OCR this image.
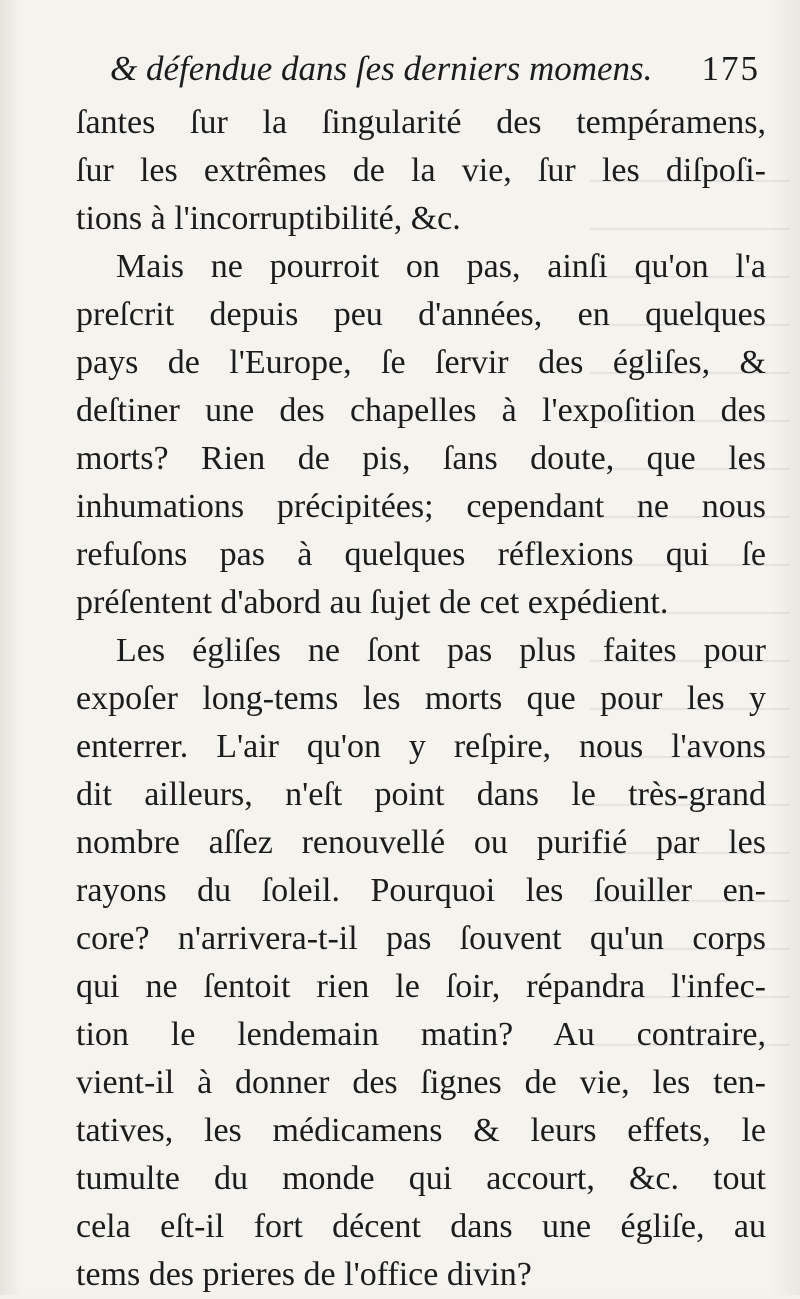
& défendue dans ſes derniers momens. 175
ſantes ſur la ſingularité des tempéramens,
ſur les extrêmes de la vie, ſur les diſpoſi-
tions à l'incorruptibilité, &c.
Mais ne pourroit on pas, ainſi qu'on l'a
preſcrit depuis peu d'années, en quelques
pays de l'Europe, ſe ſervir des égliſes, &
deſtiner une des chapelles à l'expoſition des
morts? Rien de pis, ſans doute, que les
inhumations précipitées; cependant ne nous
refuſons pas à quelques réflexions qui ſe
préſentent d'abord au ſujet de cet expédient.
Les égliſes ne ſont pas plus faites pour
expoſer long-tems les morts que pour les y
enterrer. L'air qu'on y reſpire, nous l'avons
dit ailleurs, n'eſt point dans le très-grand
nombre aſſez renouvellé ou purifié par les
rayons du ſoleil. Pourquoi les ſouiller en-
core? n'arrivera-t-il pas ſouvent qu'un corps
qui ne ſentoit rien le ſoir, répandra l'infec-
tion le lendemain matin? Au contraire,
vient-il à donner des ſignes de vie, les ten-
tatives, les médicamens & leurs effets, le
tumulte du monde qui accourt, &c. tout
cela eſt-il fort décent dans une égliſe, au
tems des prieres de l'office divin?
